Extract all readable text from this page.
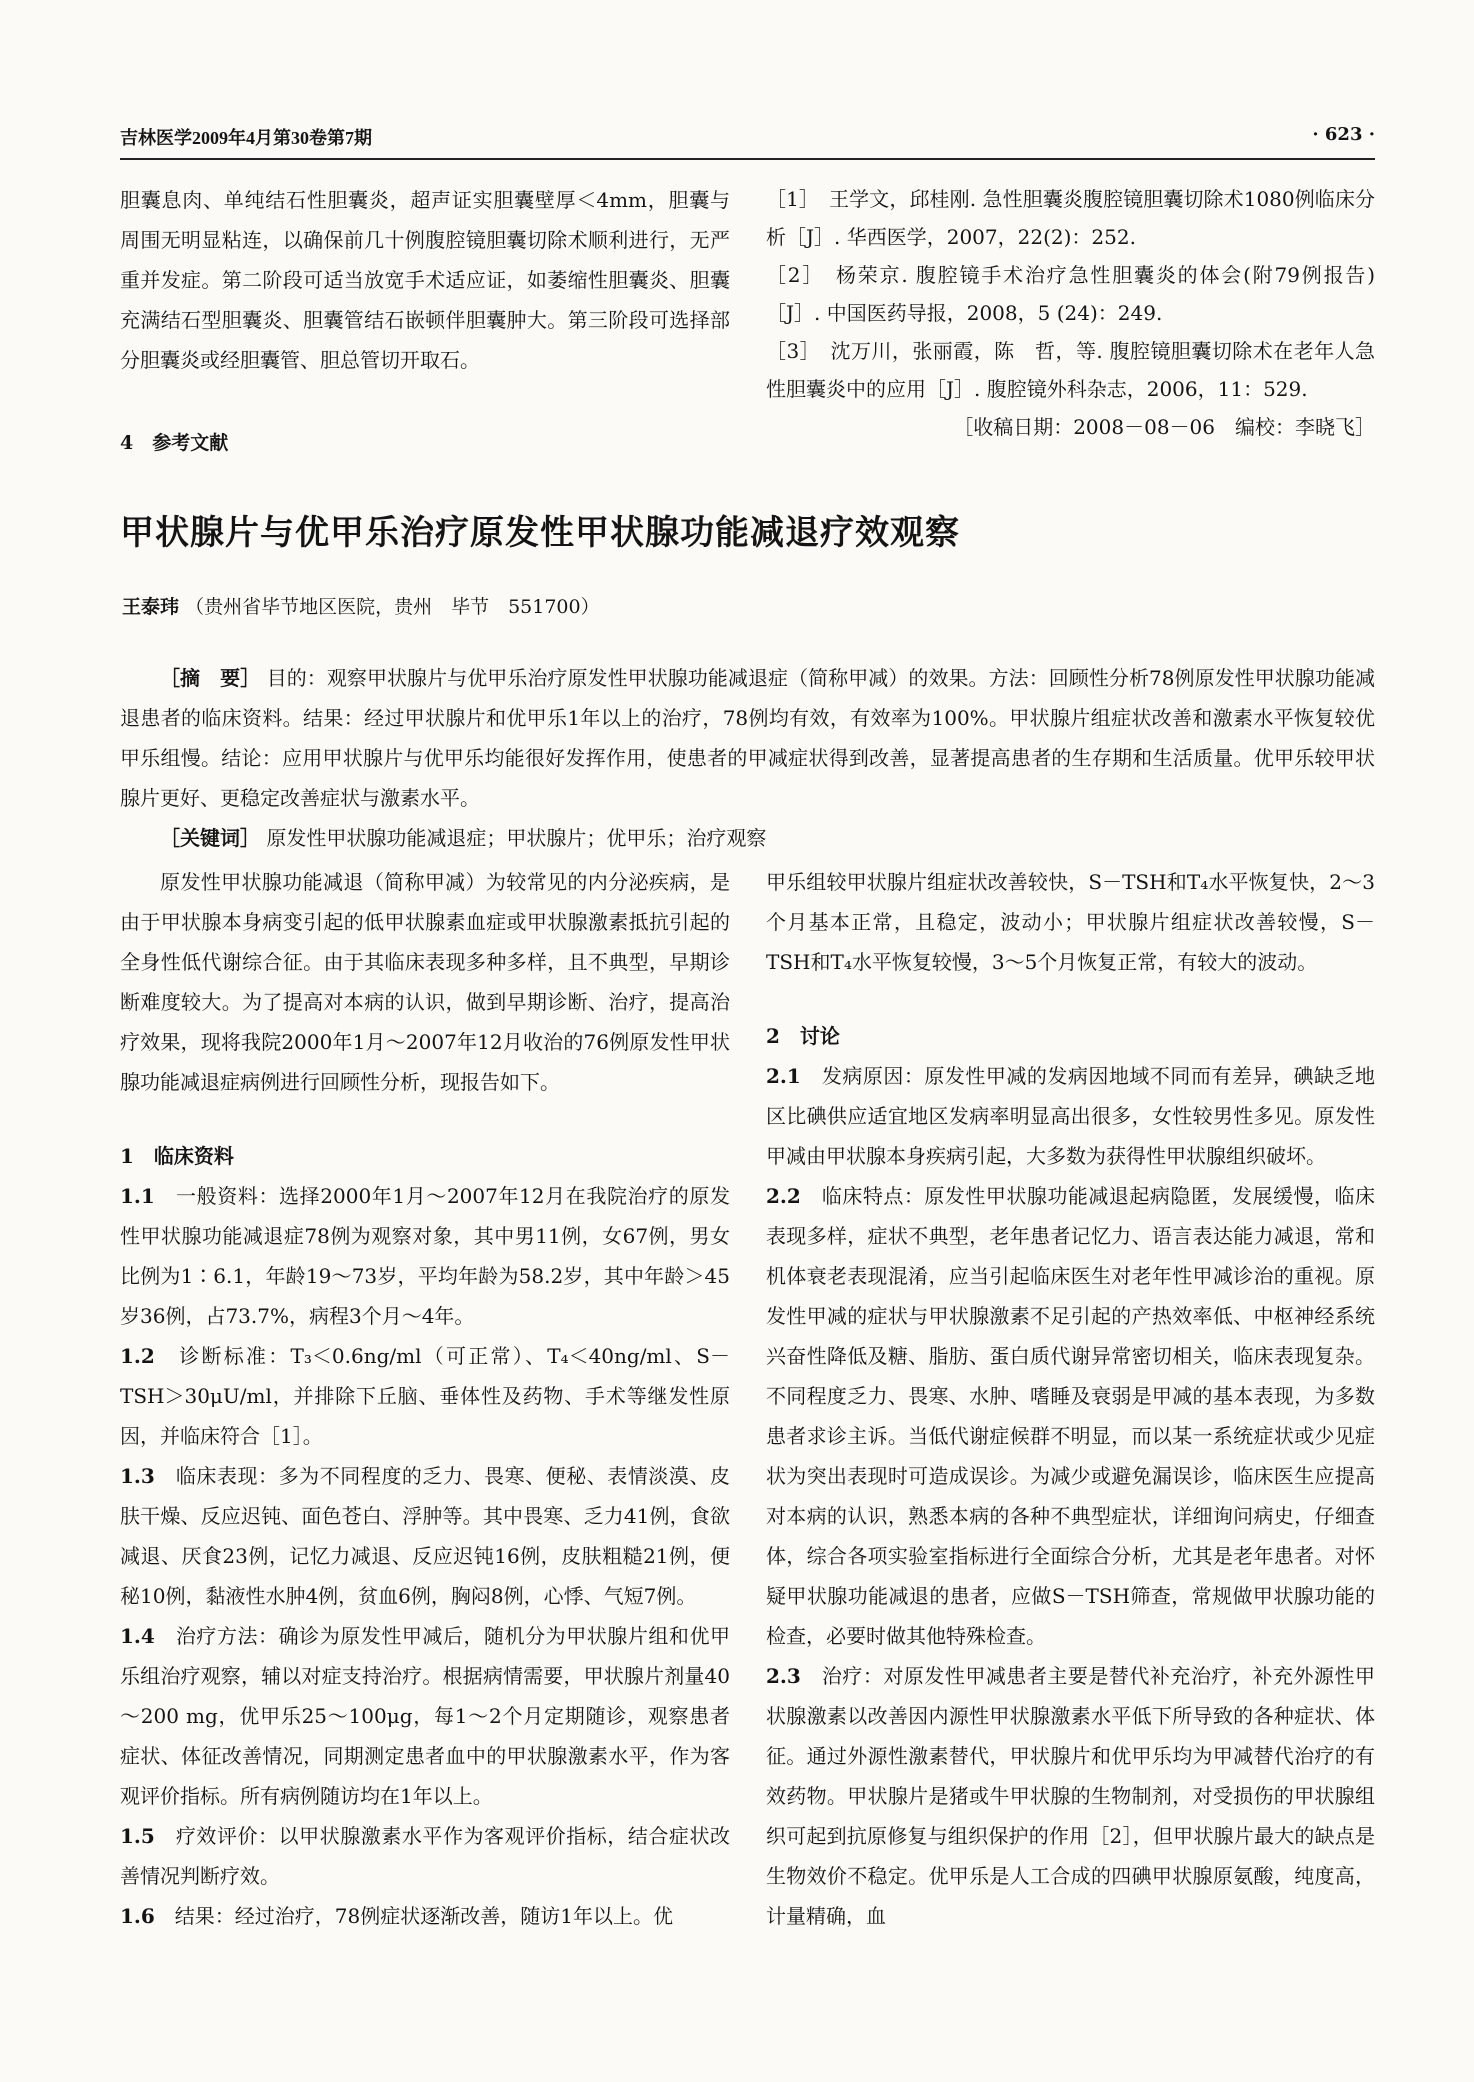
吉林医学2009年4月第30卷第7期	· 623 ·

胆囊息肉、单纯结石性胆囊炎，超声证实胆囊壁厚＜4mm，胆囊与周围无明显粘连，以确保前几十例腹腔镜胆囊切除术顺利进行，无严重并发症。第二阶段可适当放宽手术适应证，如萎缩性胆囊炎、胆囊充满结石型胆囊炎、胆囊管结石嵌顿伴胆囊肿大。第三阶段可选择部分胆囊炎或经胆囊管、胆总管切开取石。

4　参考文献

［1］　王学文，邱桂刚. 急性胆囊炎腹腔镜胆囊切除术1080例临床分析［J］. 华西医学，2007，22(2)：252.

［2］　杨荣京. 腹腔镜手术治疗急性胆囊炎的体会(附79例报告)［J］. 中国医药导报，2008，5 (24)：249.

［3］　沈万川，张丽霞，陈　哲，等. 腹腔镜胆囊切除术在老年人急性胆囊炎中的应用［J］. 腹腔镜外科杂志，2006，11：529.

［收稿日期：2008－08－06　编校：李晓飞］

甲状腺片与优甲乐治疗原发性甲状腺功能减退疗效观察
王泰玮 （贵州省毕节地区医院，贵州　毕节　551700）

［摘　要］ 目的：观察甲状腺片与优甲乐治疗原发性甲状腺功能减退症（简称甲减）的效果。方法：回顾性分析78例原发性甲状腺功能减退患者的临床资料。结果：经过甲状腺片和优甲乐1年以上的治疗，78例均有效，有效率为100%。甲状腺片组症状改善和激素水平恢复较优甲乐组慢。结论：应用甲状腺片与优甲乐均能很好发挥作用，使患者的甲减症状得到改善，显著提高患者的生存期和生活质量。优甲乐较甲状腺片更好、更稳定改善症状与激素水平。

［关键词］ 原发性甲状腺功能减退症；甲状腺片；优甲乐；治疗观察

原发性甲状腺功能减退（简称甲减）为较常见的内分泌疾病，是由于甲状腺本身病变引起的低甲状腺素血症或甲状腺激素抵抗引起的全身性低代谢综合征。由于其临床表现多种多样，且不典型，早期诊断难度较大。为了提高对本病的认识，做到早期诊断、治疗，提高治疗效果，现将我院2000年1月～2007年12月收治的76例原发性甲状腺功能减退症病例进行回顾性分析，现报告如下。

1　临床资料

1.1　 一般资料：选择2000年1月～2007年12月在我院治疗的原发性甲状腺功能减退症78例为观察对象，其中男11例，女67例，男女比例为1∶6.1，年龄19～73岁，平均年龄为58.2岁，其中年龄＞45岁36例，占73.7%，病程3个月～4年。

1.2　 诊断标准：T₃＜0.6ng/ml（可正常）、T₄＜40ng/ml、S－TSH＞30μU/ml，并排除下丘脑、垂体性及药物、手术等继发性原因，并临床符合［1］。

1.3　 临床表现：多为不同程度的乏力、畏寒、便秘、表情淡漠、皮肤干燥、反应迟钝、面色苍白、浮肿等。其中畏寒、乏力41例，食欲减退、厌食23例，记忆力减退、反应迟钝16例，皮肤粗糙21例，便秘10例，黏液性水肿4例，贫血6例，胸闷8例，心悸、气短7例。

1.4　 治疗方法：确诊为原发性甲减后，随机分为甲状腺片组和优甲乐组治疗观察，辅以对症支持治疗。根据病情需要，甲状腺片剂量40～200 mg，优甲乐25～100μg，每1～2个月定期随诊，观察患者症状、体征改善情况，同期测定患者血中的甲状腺激素水平，作为客观评价指标。所有病例随访均在1年以上。

1.5　 疗效评价：以甲状腺激素水平作为客观评价指标，结合症状改善情况判断疗效。

1.6　 结果：经过治疗，78例症状逐渐改善，随访1年以上。优

甲乐组较甲状腺片组症状改善较快，S－TSH和T₄水平恢复快，2～3个月基本正常，且稳定，波动小；甲状腺片组症状改善较慢，S－TSH和T₄水平恢复较慢，3～5个月恢复正常，有较大的波动。

2　讨论

2.1　 发病原因：原发性甲减的发病因地域不同而有差异，碘缺乏地区比碘供应适宜地区发病率明显高出很多，女性较男性多见。原发性甲减由甲状腺本身疾病引起，大多数为获得性甲状腺组织破坏。

2.2　 临床特点：原发性甲状腺功能减退起病隐匿，发展缓慢，临床表现多样，症状不典型，老年患者记忆力、语言表达能力减退，常和机体衰老表现混淆，应当引起临床医生对老年性甲减诊治的重视。原发性甲减的症状与甲状腺激素不足引起的产热效率低、中枢神经系统兴奋性降低及糖、脂肪、蛋白质代谢异常密切相关，临床表现复杂。不同程度乏力、畏寒、水肿、嗜睡及衰弱是甲减的基本表现，为多数患者求诊主诉。当低代谢症候群不明显，而以某一系统症状或少见症状为突出表现时可造成误诊。为减少或避免漏误诊，临床医生应提高对本病的认识，熟悉本病的各种不典型症状，详细询问病史，仔细查体，综合各项实验室指标进行全面综合分析，尤其是老年患者。对怀疑甲状腺功能减退的患者，应做S－TSH筛查，常规做甲状腺功能的检查，必要时做其他特殊检查。

2.3　 治疗：对原发性甲减患者主要是替代补充治疗，补充外源性甲状腺激素以改善因内源性甲状腺激素水平低下所导致的各种症状、体征。通过外源性激素替代，甲状腺片和优甲乐均为甲减替代治疗的有效药物。甲状腺片是猪或牛甲状腺的生物制剂，对受损伤的甲状腺组织可起到抗原修复与组织保护的作用［2］，但甲状腺片最大的缺点是生物效价不稳定。优甲乐是人工合成的四碘甲状腺原氨酸，纯度高，计量精确，血
